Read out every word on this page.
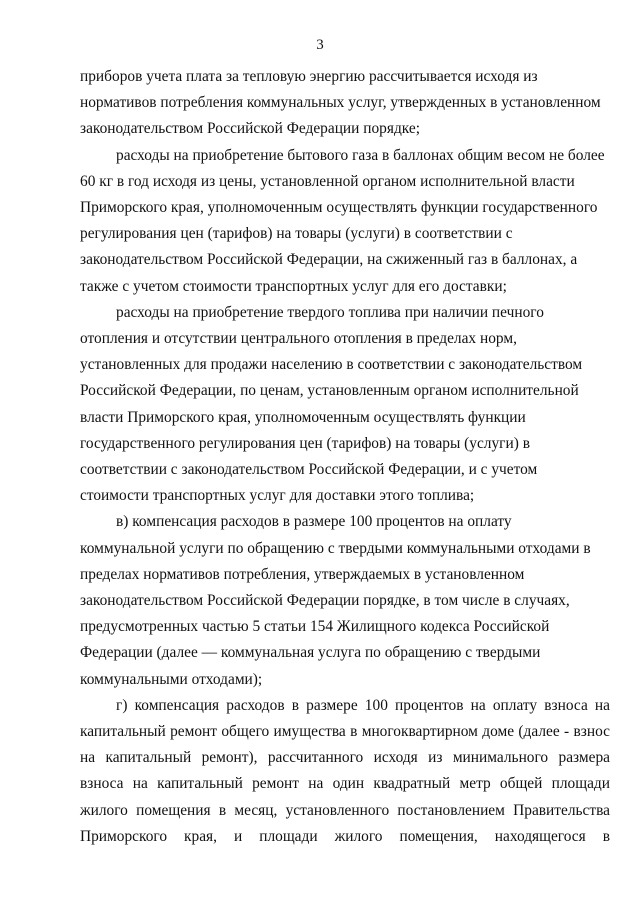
3

приборов учета плата за тепловую энергию рассчитывается исходя из
нормативов потребления коммунальных услуг, утвержденных в установленном
законодательством Российской Федерации порядке;

расходы на приобретение бытового газа в баллонах общим весом не более
60 кг в год исходя из цены, установленной органом исполнительной власти
Приморского края, уполномоченным осуществлять функции государственного
регулирования цен (тарифов) на товары (услуги) в соответствии с
законодательством Российской Федерации, на сжиженный газ в баллонах, а
также с учетом стоимости транспортных услуг для его доставки;

расходы на приобретение твердого топлива при наличии печного
отопления и отсутствии центрального отопления в пределах норм,
установленных для продажи населению в соответствии с законодательством
Российской Федерации, по ценам, установленным органом исполнительной
власти Приморского края, уполномоченным осуществлять функции
государственного регулирования цен (тарифов) на товары (услуги) в
соответствии с законодательством Российской Федерации, и с учетом
стоимости транспортных услуг для доставки этого топлива;

в) компенсация расходов в размере 100 процентов на оплату
коммунальной услуги по обращению с твердыми коммунальными отходами в
пределах нормативов потребления, утверждаемых в установленном
законодательством Российской Федерации порядке, в том числе в случаях,
предусмотренных частью 5 статьи 154 Жилищного кодекса Российской
Федерации (далее — коммунальная услуга по обращению с твердыми
коммунальными отходами);

г) компенсация расходов в размере 100 процентов на оплату взноса на
капитальный ремонт общего имущества в многоквартирном доме (далее - взнос
на капитальный ремонт), рассчитанного исходя из минимального размера
взноса на капитальный ремонт на один квадратный метр общей площади
жилого помещения в месяц, установленного постановлением Правительства
Приморского края, и площади жилого помещения, находящегося в
